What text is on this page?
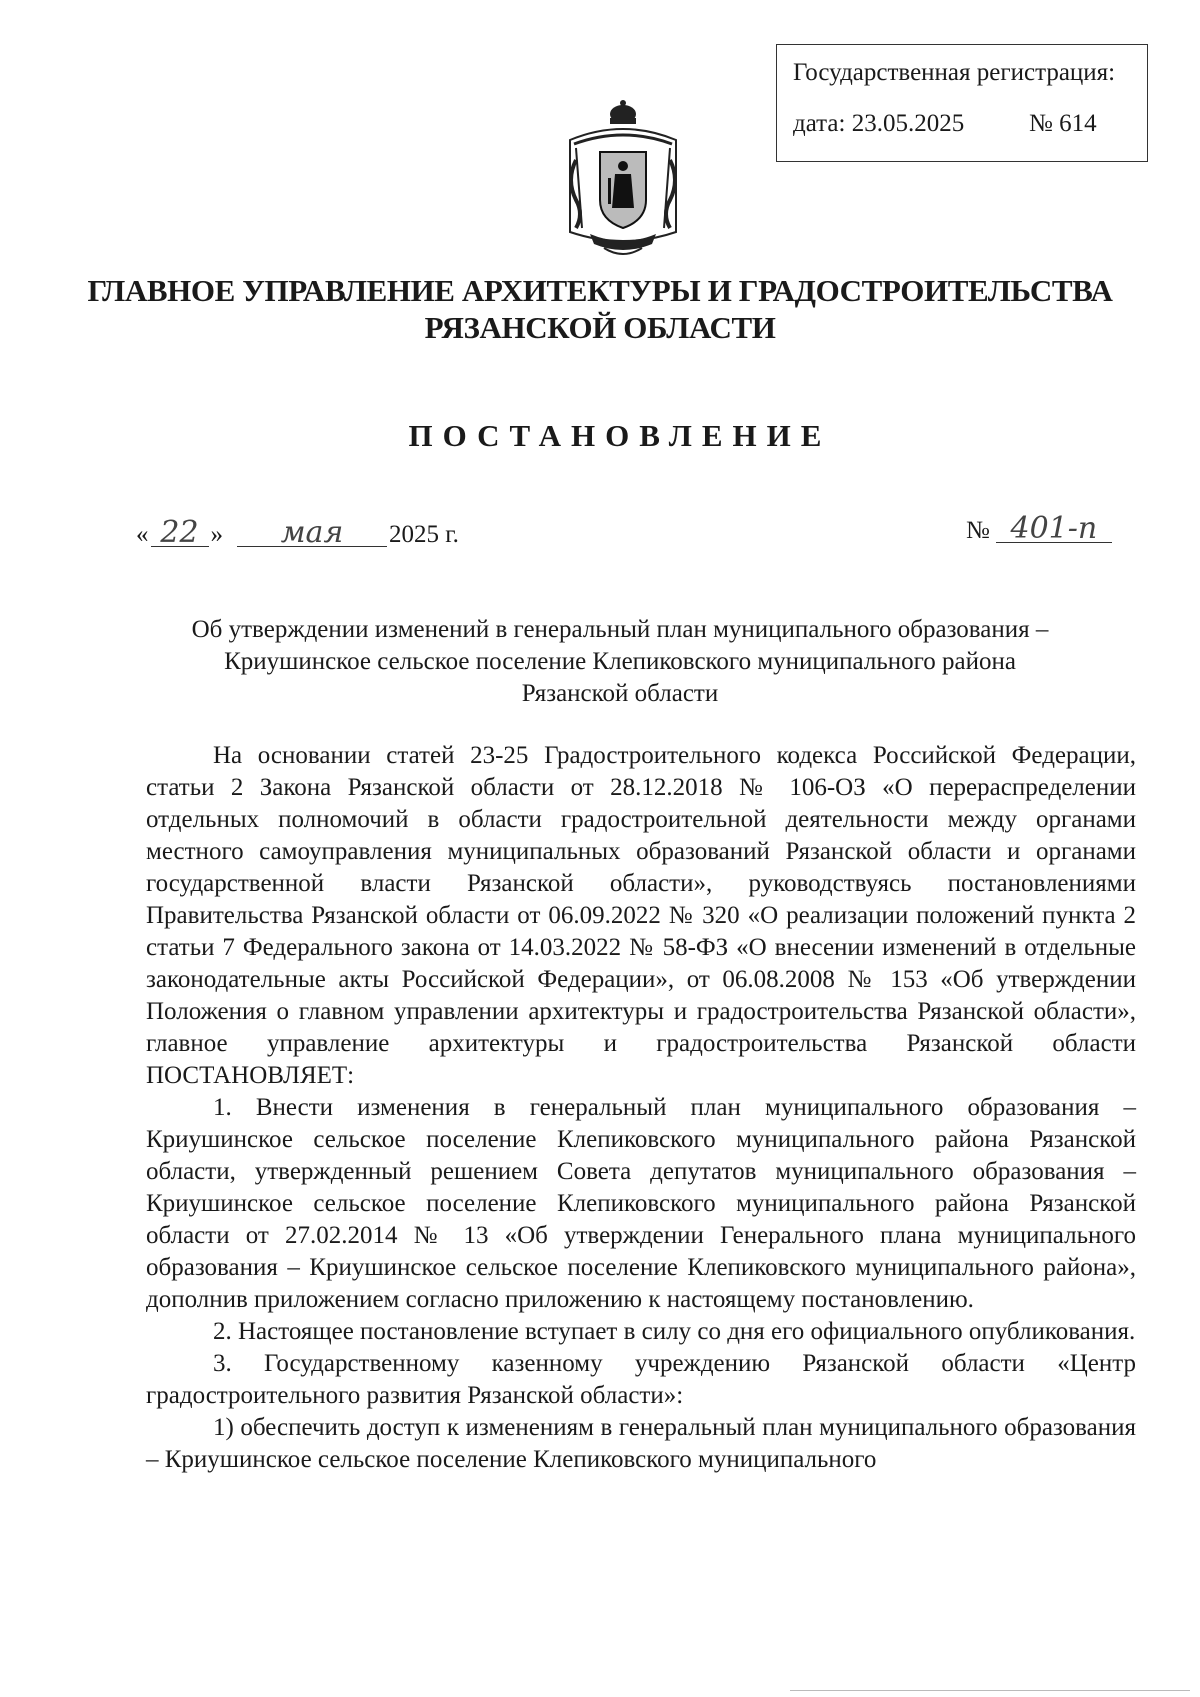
Государственная регистрация:
дата: 23.05.2025	№ 614
ГЛАВНОЕ УПРАВЛЕНИЕ АРХИТЕКТУРЫ И ГРАДОСТРОИТЕЛЬСТВА
РЯЗАНСКОЙ ОБЛАСТИ
ПОСТАНОВЛЕНИЕ
« 22 »	мая	2025 г.	№ 401-п
Об утверждении изменений в генеральный план муниципального образования –
Криушинское сельское поселение Клепиковского муниципального района
Рязанской области

На основании статей 23-25 Градостроительного кодекса Российской Федерации, статьи 2 Закона Рязанской области от 28.12.2018 № 106-ОЗ «О перераспределении отдельных полномочий в области градостроительной деятельности между органами местного самоуправления муниципальных образований Рязанской области и органами государственной власти Рязанской области», руководствуясь постановлениями Правительства Рязанской области от 06.09.2022 № 320 «О реализации положений пункта 2 статьи 7 Федерального закона от 14.03.2022 № 58-ФЗ «О внесении изменений в отдельные законодательные акты Российской Федерации», от 06.08.2008 № 153 «Об утверждении Положения о главном управлении архитектуры и градостроительства Рязанской области», главное управление архитектуры и градостроительства Рязанской области ПОСТАНОВЛЯЕТ:

1. Внести изменения в генеральный план муниципального образования – Криушинское сельское поселение Клепиковского муниципального района Рязанской области, утвержденный решением Совета депутатов муниципального образования – Криушинское сельское поселение Клепиковского муниципального района Рязанской области от 27.02.2014 № 13 «Об утверждении Генерального плана муниципального образования – Криушинское сельское поселение Клепиковского муниципального района», дополнив приложением согласно приложению к настоящему постановлению.

2. Настоящее постановление вступает в силу со дня его официального опубликования.

3. Государственному казенному учреждению Рязанской области «Центр градостроительного развития Рязанской области»:

1) обеспечить доступ к изменениям в генеральный план муниципального образования – Криушинское сельское поселение Клепиковского муниципального
